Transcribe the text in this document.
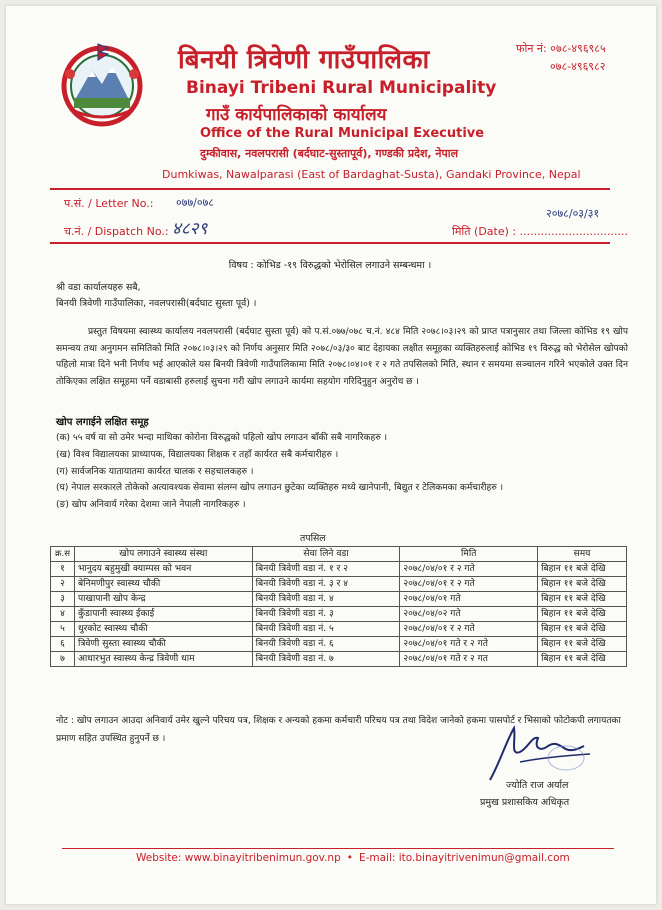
बिनयी त्रिवेणी गाउँपालिका
Binayi Tribeni Rural Municipality
गाउँ कार्यपालिकाको कार्यालय
Office of the Rural Municipal Executive
दुम्कीवास, नवलपरासी (बर्दघाट-सुस्तापूर्व), गण्डकी प्रदेश, नेपाल
Dumkiwas, Nawalparasi (East of Bardaghat-Susta), Gandaki Province, Nepal
फोन नं: ०७८-४९६९८५
०७८-४९६९८२
प.सं. / Letter No.: ०७७/०७८
च.नं. / Dispatch No.: ४८२९
२०७८/०३/३१
मिति (Date) : ...............................
विषय : कोभिड -१९ विरुद्धको भेरोसिल लगाउने सम्बन्धमा ।
श्री वडा कार्यालयहरु सबै,
बिनयी त्रिवेणी गाउँपालिका, नवलपरासी(बर्दघाट सुस्ता पूर्व) ।
प्रस्तुत विषयमा स्वास्थ्य कार्यालय नवलपरासी (बर्दघाट सुस्ता पूर्व) को प.सं.०७७/०७८ च.नं. ४८४ मिति २०७८।०३।२९ को प्राप्त पत्रानुसार तथा जिल्ला कोभिड १९ खोप समन्वय तथा अनुगमन समितिको मिति २०७८।०३।२९ को निर्णय अनुसार मिति २०७८/०३/३० बाट देहायका लक्षीत समूहका व्यक्तिहरुलाई कोभिड १९ विरुद्ध को भेरोसेल खोपको पहिलो मात्रा दिने भनी निर्णय भई आएकोले यस बिनयी त्रिवेणी गाउँपालिकामा मिति २०७८।०४।०१ र २ गते तपसिलको मिति, स्थान र समयमा सञ्चालन गरिने भएकोले उक्त दिन तोकिएका लक्षित समूहमा पर्ने वडाबासी हरुलाई सुचना गरी खोप लगाउने कार्यमा सहयोग गरिदिनुहुन अनुरोध छ ।
खोप लगाईने लक्षित समूह
(क) ५५ वर्ष वा सो उमेर भन्दा माथिका कोरोना विरुद्धको पहिलो खोप लगाउन बाँकी सबै नागरिकहरु ।
(ख) विश्व विद्यालयका प्राध्यापक, विद्यालयका शिक्षक र तहाँ कार्यरत सबै कर्मचारीहरु ।
(ग) सार्वजनिक यातायातमा कार्यरत चालक र सहचालकहरु ।
(घ) नेपाल सरकारले तोकेको अत्यावश्यक सेवामा संलग्न खोप लगाउन छुटेका व्यक्तिहरु मध्ये खानेपानी, बिद्युत र टेलिकमका कर्मचारीहरु ।
(ङ) खोप अनिवार्य गरेका देशमा जाने नेपाली नागरिकहरु ।
तपसिल
क्र.स	खोप लगाउने स्वास्थ्य संस्था	सेवा लिने वडा	मिति	समय
१	भानुदय बहुमुखी क्याम्पस को भवन	बिनयी त्रिवेणी वडा नं. १ र २	२०७८/०४/०१ र २ गते	बिहान ११ बजे देखि
२	बेनिमणीपुर स्वास्थ्य चौकी	बिनयी त्रिवेणी वडा नं. ३ र ४	२०७८/०४/०१ र २ गते	बिहान ११ बजे देखि
३	पाखापानी खोप केन्द्र	बिनयी त्रिवेणी वडा नं. ४	२०७८/०४/०१ गते	बिहान ११ बजे देखि
४	कुँडापानी स्वास्थ्य ईकाई	बिनयी त्रिवेणी वडा नं. ३	२०७८/०४/०२ गते	बिहान ११ बजे देखि
५	धुरकोट स्वास्थ्य चौकी	बिनयी त्रिवेणी वडा नं. ५	२०७८/०४/०१ र २ गते	बिहान ११ बजे देखि
६	त्रिवेणी सुस्ता स्वास्थ्य चौकी	बिनयी त्रिवेणी वडा नं. ६	२०७८/०४/०१ गते र २ गते	बिहान ११ बजे देखि
७	आधारभुत स्वास्थ्य केन्द्र त्रिवेणी धाम	बिनयी त्रिवेणी वडा नं. ७	२०७८/०४/०१ गते र २ गत	बिहान ११ बजे देखि
नोट : खोप लगाउन आउदा अनिवार्य उमेर खुल्ने परिचय पत्र, शिक्षक र अन्यको हकमा कर्मचारी परिचय पत्र तथा विदेश जानेको हकमा पासपोर्ट र भिसाको फोटोकपी लगायतका प्रमाण सहित उपस्थित हुनुपर्ने छ ।
ज्योति राज अर्याल
प्रमुख प्रशासकिय अधिकृत
Website: www.binayitribenimun.gov.np • E-mail: ito.binayitrivenimun@gmail.com
